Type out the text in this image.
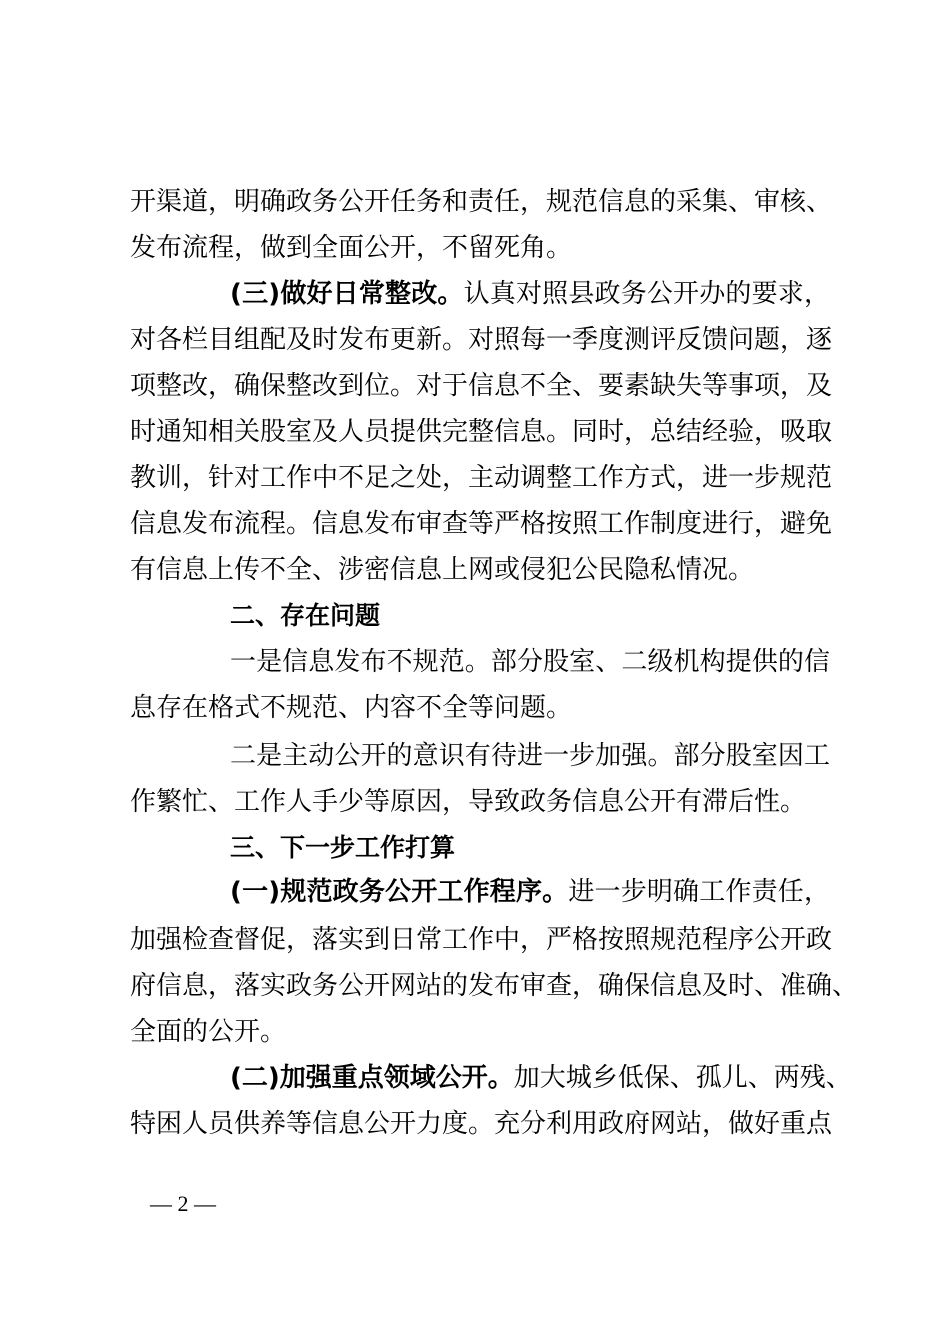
开渠道，明确政务公开任务和责任，规范信息的采集、审核、
发布流程，做到全面公开，不留死角。
(三)做好日常整改。认真对照县政务公开办的要求，
对各栏目组配及时发布更新。对照每一季度测评反馈问题，逐
项整改，确保整改到位。对于信息不全、要素缺失等事项，及
时通知相关股室及人员提供完整信息。同时，总结经验，吸取
教训，针对工作中不足之处，主动调整工作方式，进一步规范
信息发布流程。信息发布审查等严格按照工作制度进行，避免
有信息上传不全、涉密信息上网或侵犯公民隐私情况。
二、存在问题
一是信息发布不规范。部分股室、二级机构提供的信
息存在格式不规范、内容不全等问题。
二是主动公开的意识有待进一步加强。部分股室因工
作繁忙、工作人手少等原因，导致政务信息公开有滞后性。
三、下一步工作打算
(一)规范政务公开工作程序。进一步明确工作责任，
加强检查督促，落实到日常工作中，严格按照规范程序公开政
府信息，落实政务公开网站的发布审查，确保信息及时、准确、
全面的公开。
(二)加强重点领域公开。加大城乡低保、孤儿、两残、
特困人员供养等信息公开力度。充分利用政府网站，做好重点
— 2 —
